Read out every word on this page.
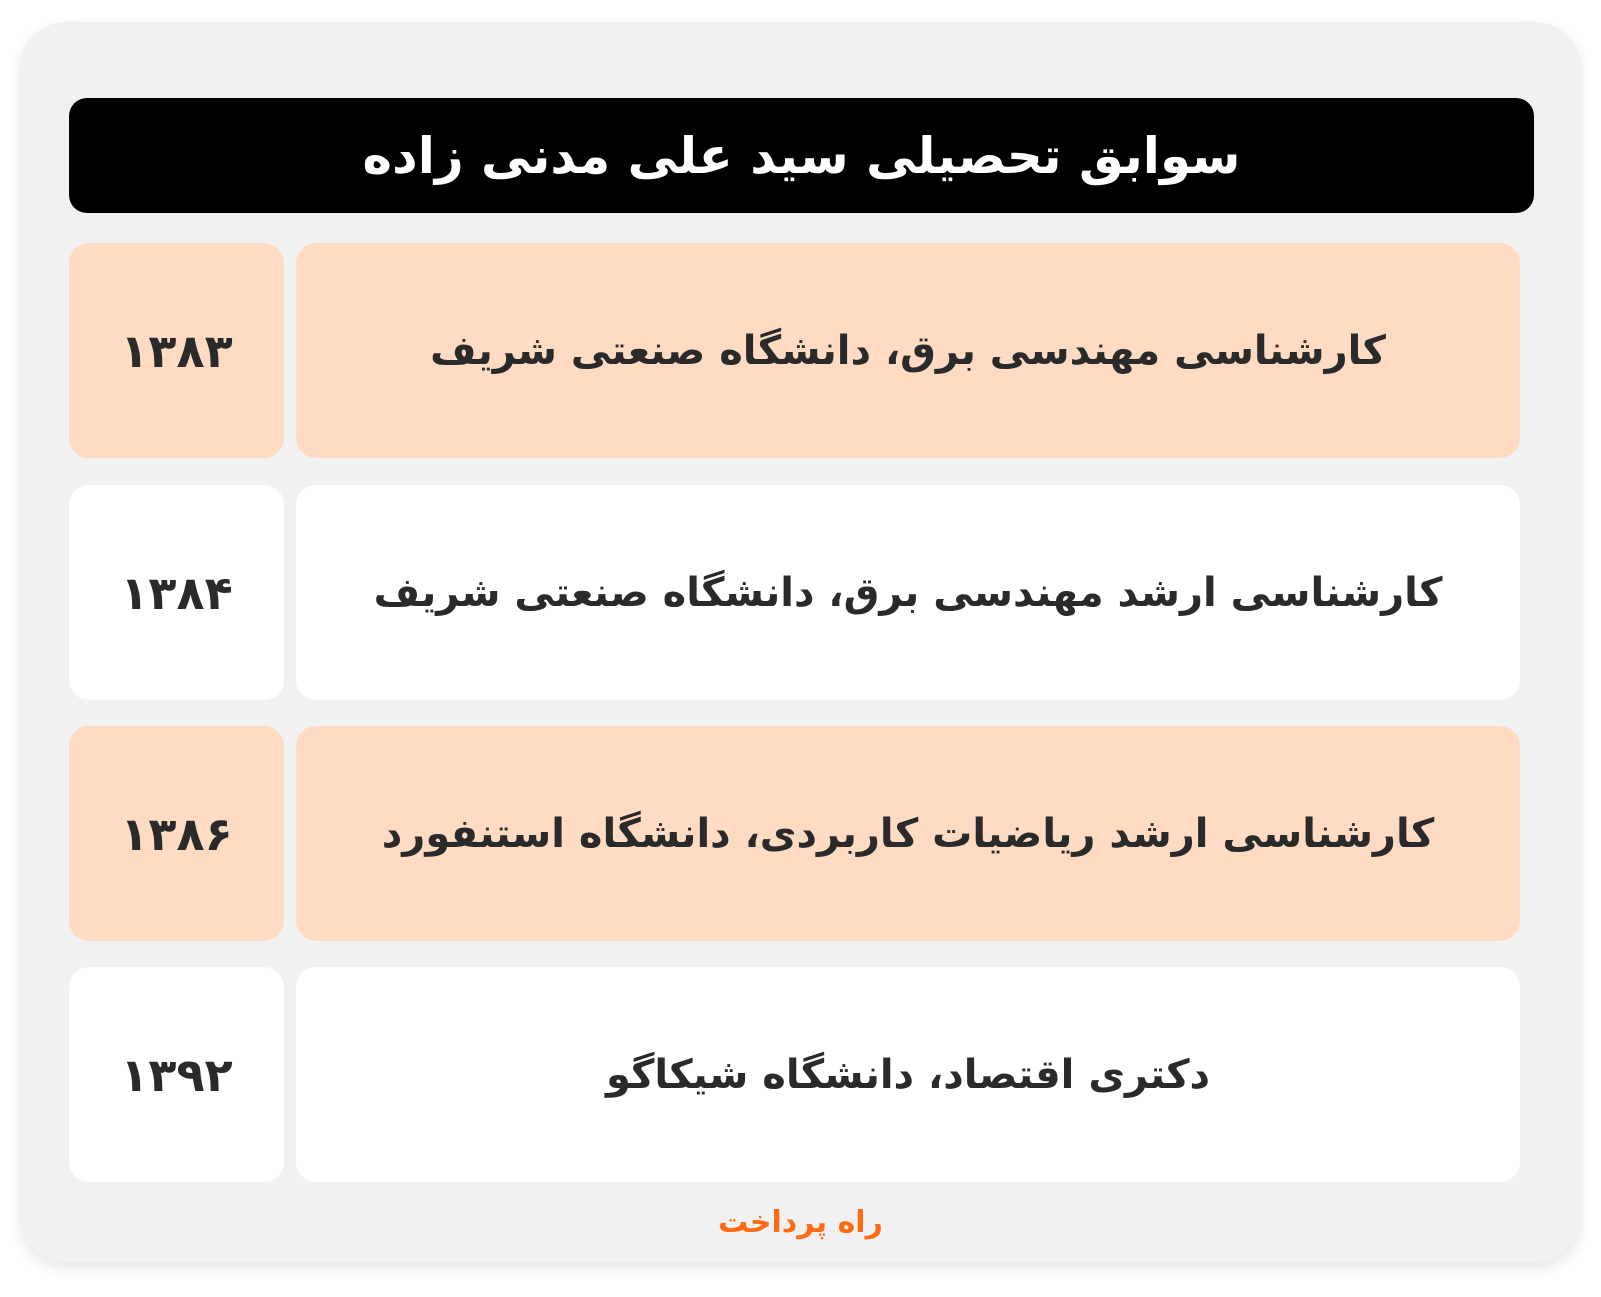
سوابق تحصیلی سید علی مدنی زاده
کارشناسی مهندسی برق، دانشگاه صنعتی شریف
۱۳۸۳
کارشناسی ارشد مهندسی برق، دانشگاه صنعتی شریف
۱۳۸۴
کارشناسی ارشد ریاضیات کاربردی، دانشگاه استنفورد
۱۳۸۶
دکتری اقتصاد، دانشگاه شیکاگو
۱۳۹۲
راه پرداخت
